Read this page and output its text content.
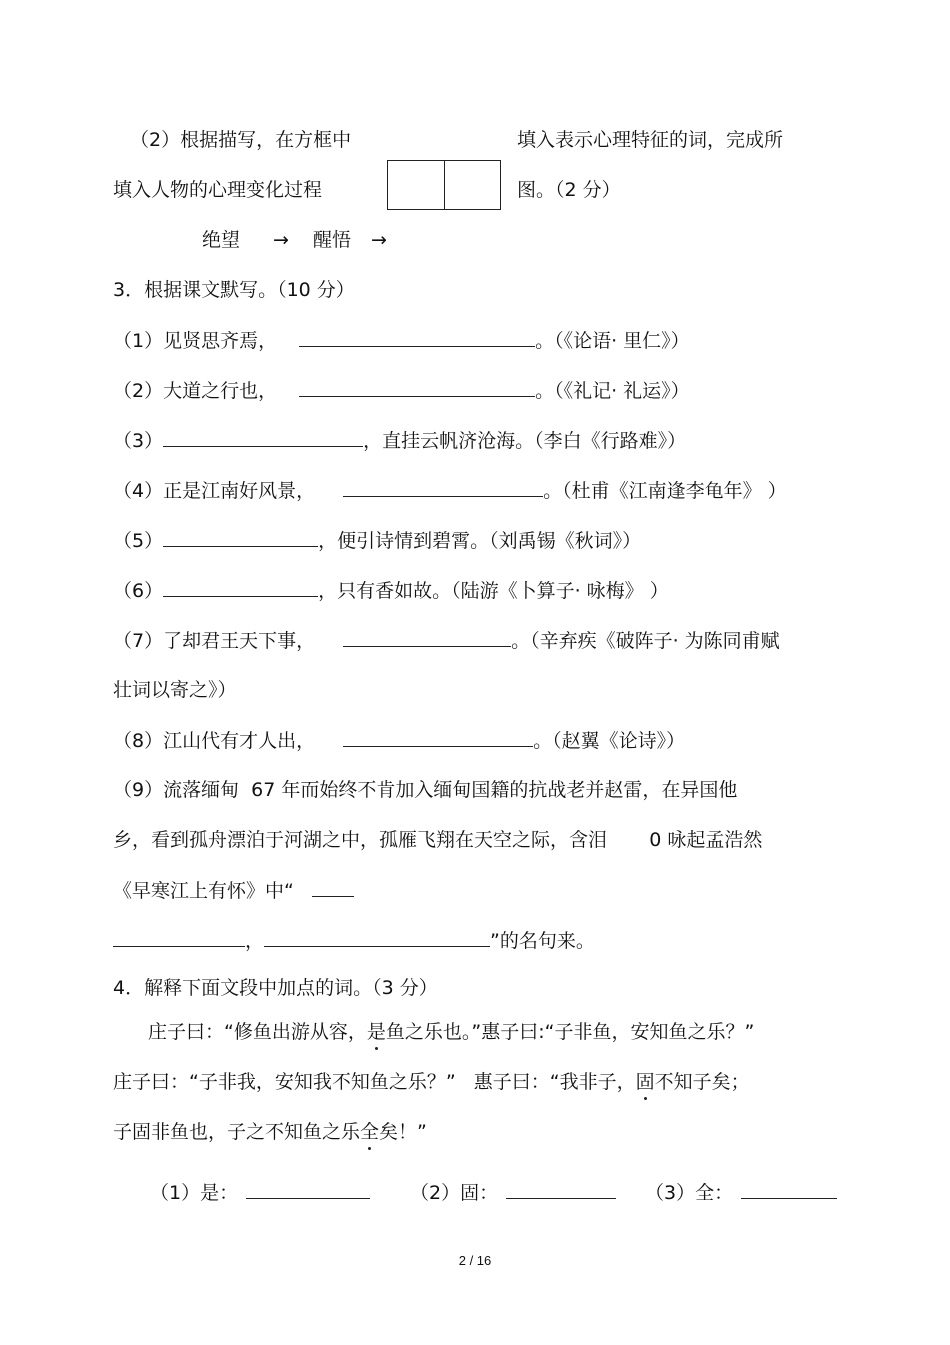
（2）根据描写，在方框中	填入表示心理特征的词，完成所
填入人物的心理变化过程	图。（2 分）
绝望 → 醒悟 →
3．根据课文默写。（10 分）
（1）见贤思齐焉，	。（《论语· 里仁》）
（2）大道之行也，	。（《礼记· 礼运》）
（3）	，直挂云帆济沧海。（李白《行路难》）
（4）正是江南好风景，	。（杜甫《江南逢李龟年》 ）
（5）	，便引诗情到碧霄。（刘禹锡《秋词》）
（6）	，只有香如故。（陆游《卜算子· 咏梅》 ）
（7）了却君王天下事，	。（辛弃疾《破阵子· 为陈同甫赋
壮词以寄之》）
（8）江山代有才人出，	。（赵翼《论诗》）
（9）流落缅甸  67 年而始终不肯加入缅甸国籍的抗战老并赵雷，在异国他
乡，看到孤舟漂泊于河湖之中，孤雁飞翔在天空之际，含泪       0 咏起孟浩然
《早寒江上有怀》中“
，	”的名句来。
4．解释下面文段中加点的词。（3 分）
庄子曰：“修鱼出游从容，是鱼之乐也。”惠子曰:“子非鱼，安知鱼之乐？”
庄子曰：“子非我，安知我不知鱼之乐？”   惠子曰：“我非子，固不知子矣；
子固非鱼也，子之不知鱼之乐全矣！”
（1）是：	（2）固：	（3）全：
2 / 16
